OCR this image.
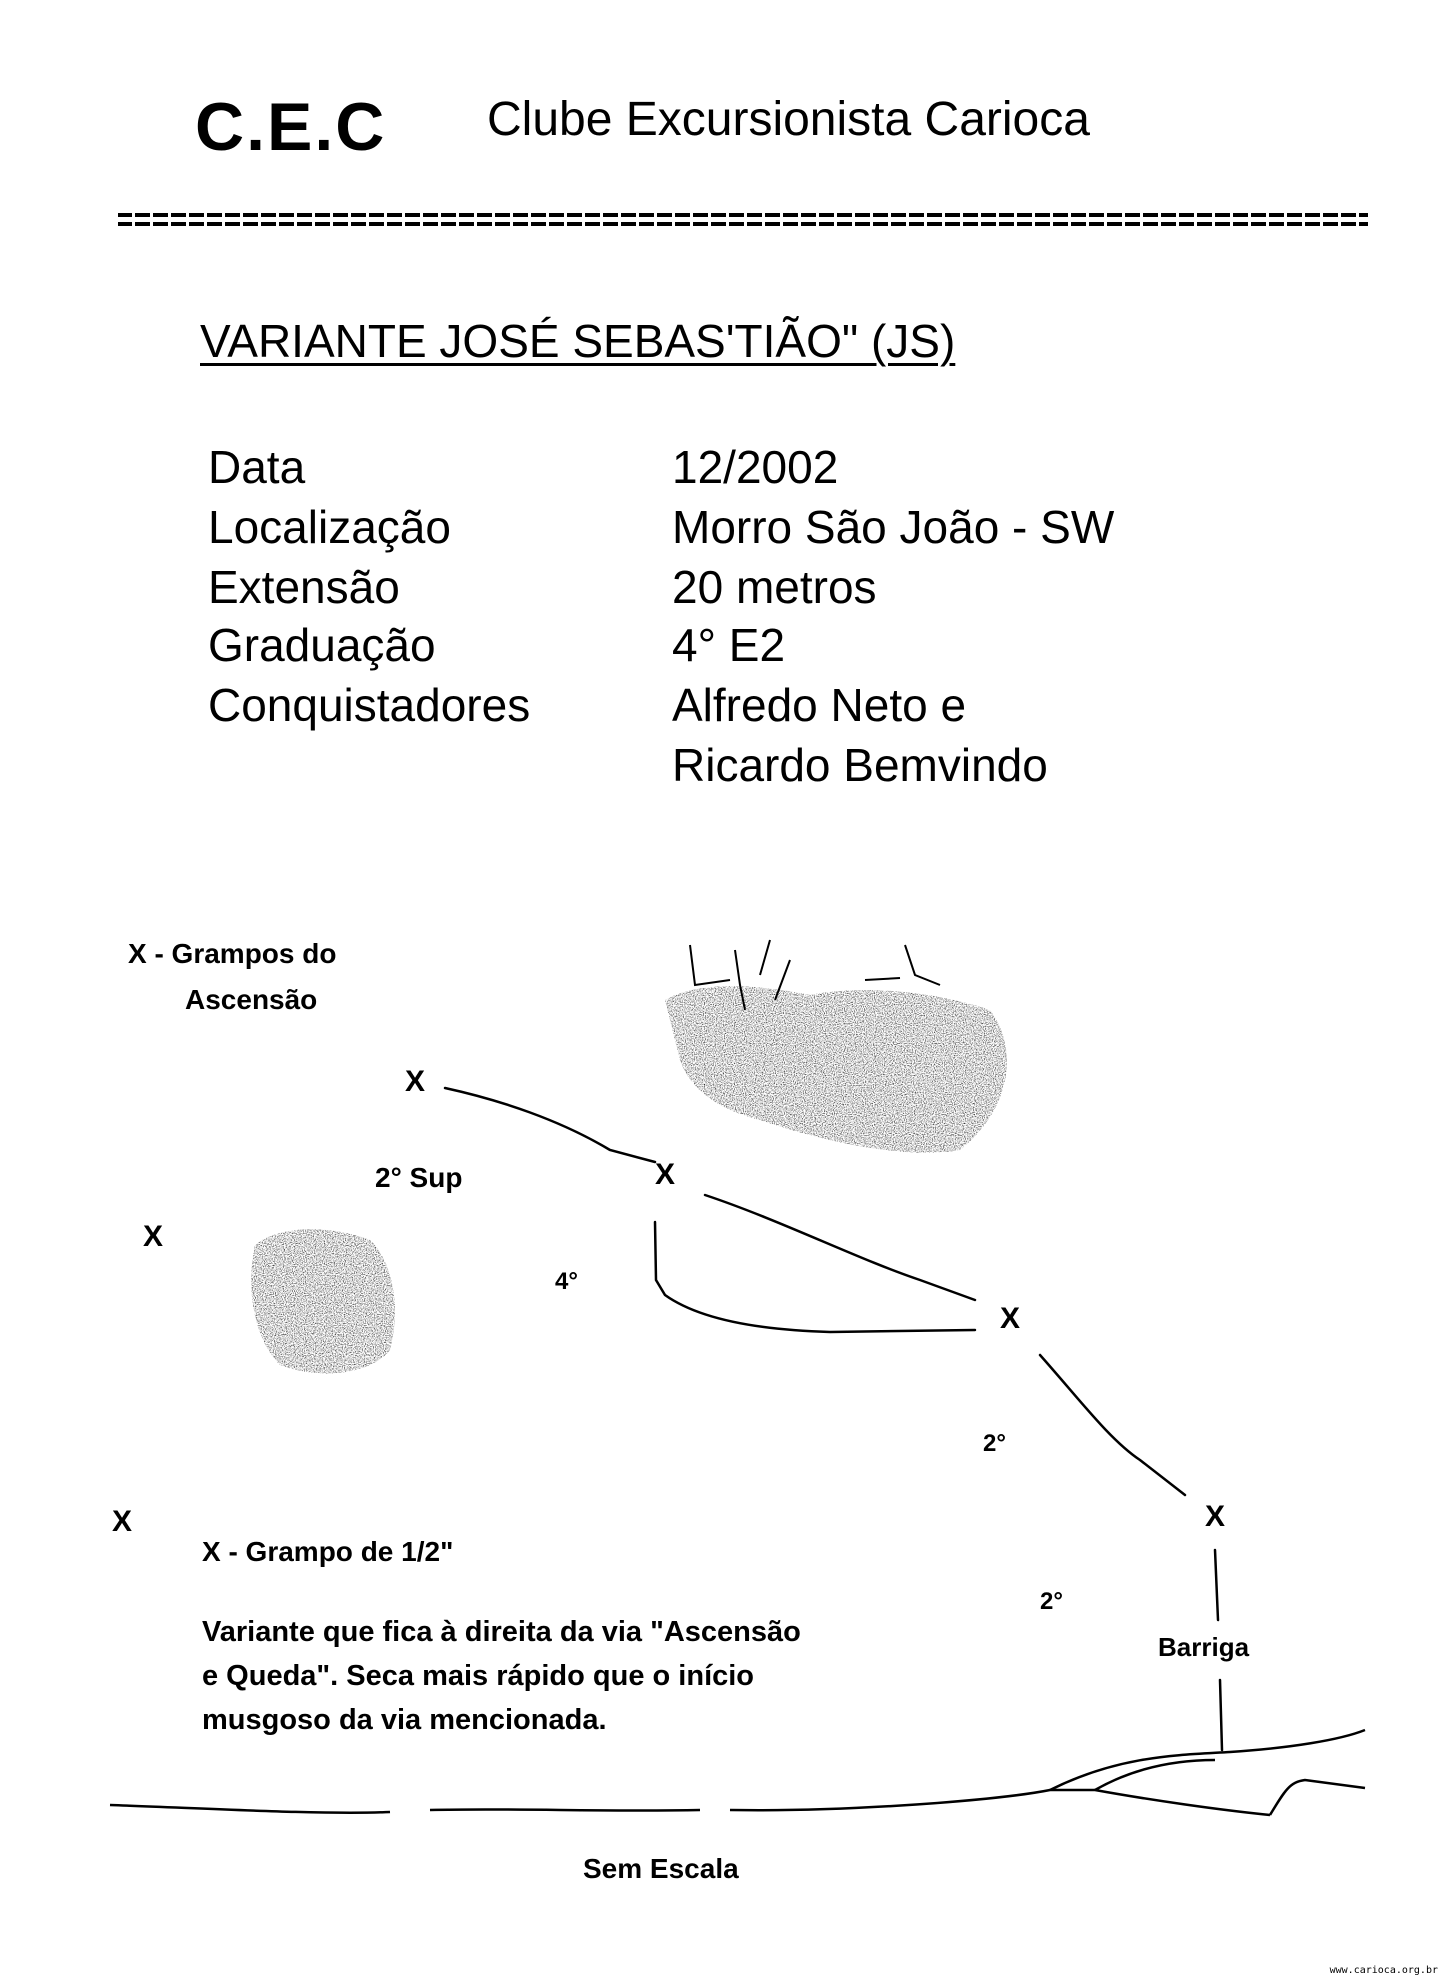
C.E.C Clube Excursionista Carioca
VARIANTE JOSÉ SEBAS'TIÃO" (JS)
Data	12/2002
Localização	Morro São João - SW
Extensão	20 metros
Graduação	4° E2
Conquistadores	Alfredo Neto e
Ricardo Bemvindo
X - Grampos do
Ascensão
X
X
X
X
X	X
2° Sup
4°
2°
2°
Barriga
X - Grampo de 1/2"
Variante que fica à direita da via "Ascensão e Queda". Seca mais rápido que o início musgoso da via mencionada.
Sem Escala
www.carioca.org.br
